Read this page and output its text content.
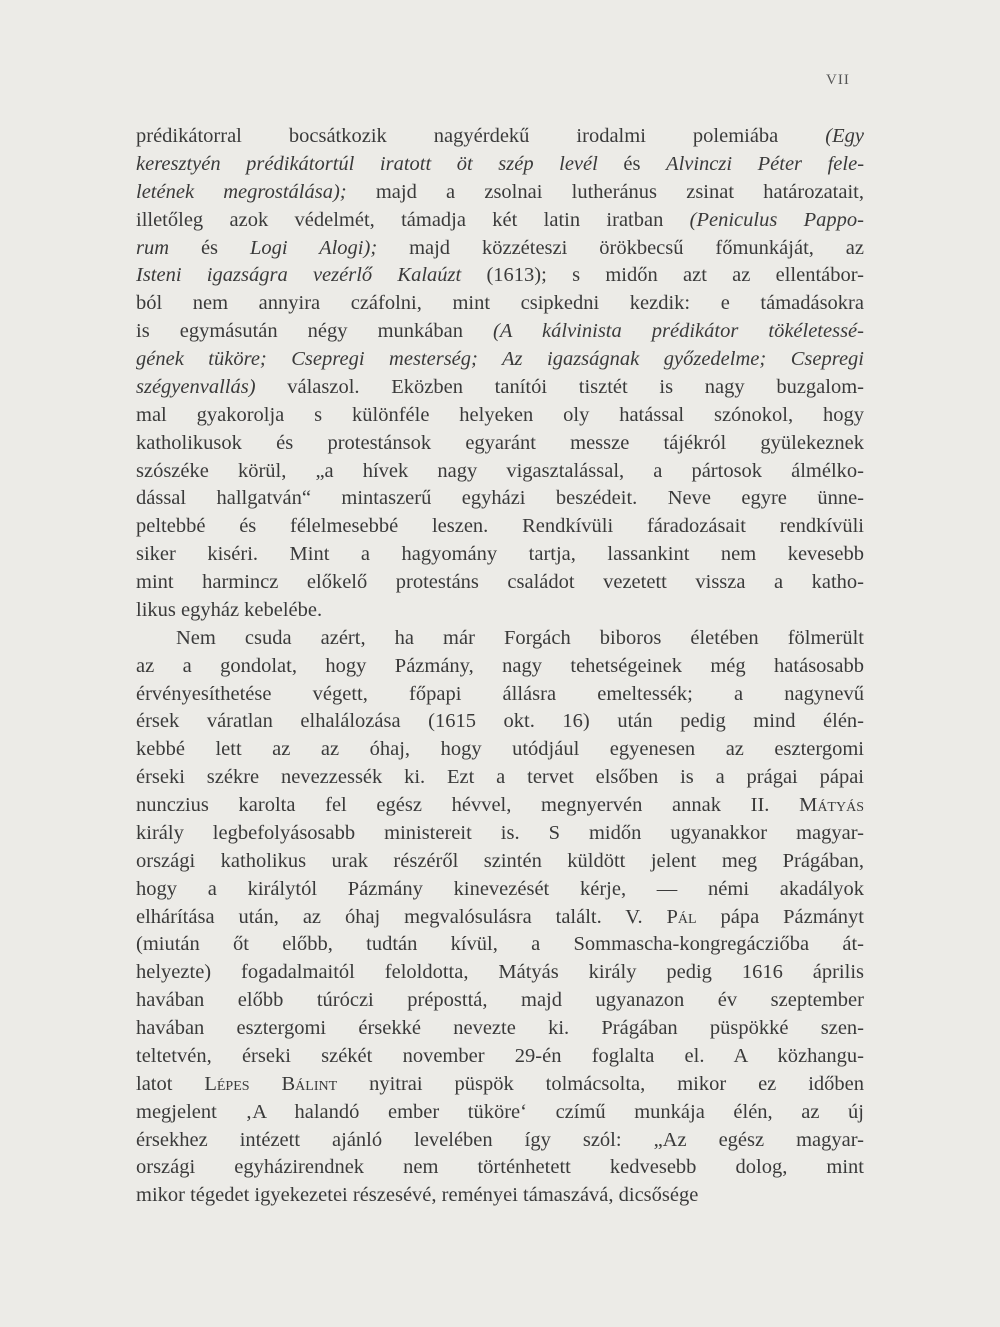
VII
prédikátorral bocsátkozik nagyérdekű irodalmi polemiába (Egy
keresztyén prédikátortúl iratott öt szép levél és Alvinczi Péter fele-
letének megrostálása); majd a zsolnai lutheránus zsinat határozatait,
illetőleg azok védelmét, támadja két latin iratban (Peniculus Pappo-
rum és Logi Alogi); majd közzéteszi örökbecsű főmunkáját, az
Isteni igazságra vezérlő Kalaúzt (1613); s midőn azt az ellentábor-
ból nem annyira czáfolni, mint csipkedni kezdik: e támadásokra
is egymásután négy munkában (A kálvinista prédikátor tökéletessé-
gének tüköre; Csepregi mesterség; Az igazságnak győzedelme; Csepregi
szégyenvallás) válaszol. Eközben tanítói tisztét is nagy buzgalom-
mal gyakorolja s különféle helyeken oly hatással szónokol, hogy
katholikusok és protestánsok egyaránt messze tájékról gyülekeznek
szószéke körül, „a hívek nagy vigasztalással, a pártosok álmélko-
dással hallgatván“ mintaszerű egyházi beszédeit. Neve egyre ünne-
peltebbé és félelmesebbé leszen. Rendkívüli fáradozásait rendkívüli
siker kiséri. Mint a hagyomány tartja, lassankint nem kevesebb
mint harmincz előkelő protestáns családot vezetett vissza a katho-
likus egyház kebelébe.
Nem csuda azért, ha már Forgách biboros életében fölmerült
az a gondolat, hogy Pázmány, nagy tehetségeinek még hatásosabb
érvényesíthetése végett, főpapi állásra emeltessék; a nagynevű
érsek váratlan elhalálozása (1615 okt. 16) után pedig mind élén-
kebbé lett az az óhaj, hogy utódjául egyenesen az esztergomi
érseki székre nevezzessék ki. Ezt a tervet elsőben is a prágai pápai
nunczius karolta fel egész hévvel, megnyervén annak II. Mátyás
király legbefolyásosabb ministereit is. S midőn ugyanakkor magyar-
országi katholikus urak részéről szintén küldött jelent meg Prágában,
hogy a királytól Pázmány kinevezését kérje, — némi akadályok
elhárítása után, az óhaj megvalósulásra talált. V. Pál pápa Pázmányt
(miután őt előbb, tudtán kívül, a Sommascha-kongregácziőba át-
helyezte) fogadalmaitól feloldotta, Mátyás király pedig 1616 április
havában előbb túróczi préposttá, majd ugyanazon év szeptember
havában esztergomi érsekké nevezte ki. Prágában püspökké szen-
teltetvén, érseki székét november 29-én foglalta el. A közhangu-
latot Lépes Bálint nyitrai püspök tolmácsolta, mikor ez időben
megjelent ‚A halandó ember tüköre‘ czímű munkája élén, az új
érsekhez intézett ajánló levelében így szól: „Az egész magyar-
országi egyházirendnek nem történhetett kedvesebb dolog, mint
mikor tégedet igyekezetei részesévé, reményei támaszává, dicsősége
